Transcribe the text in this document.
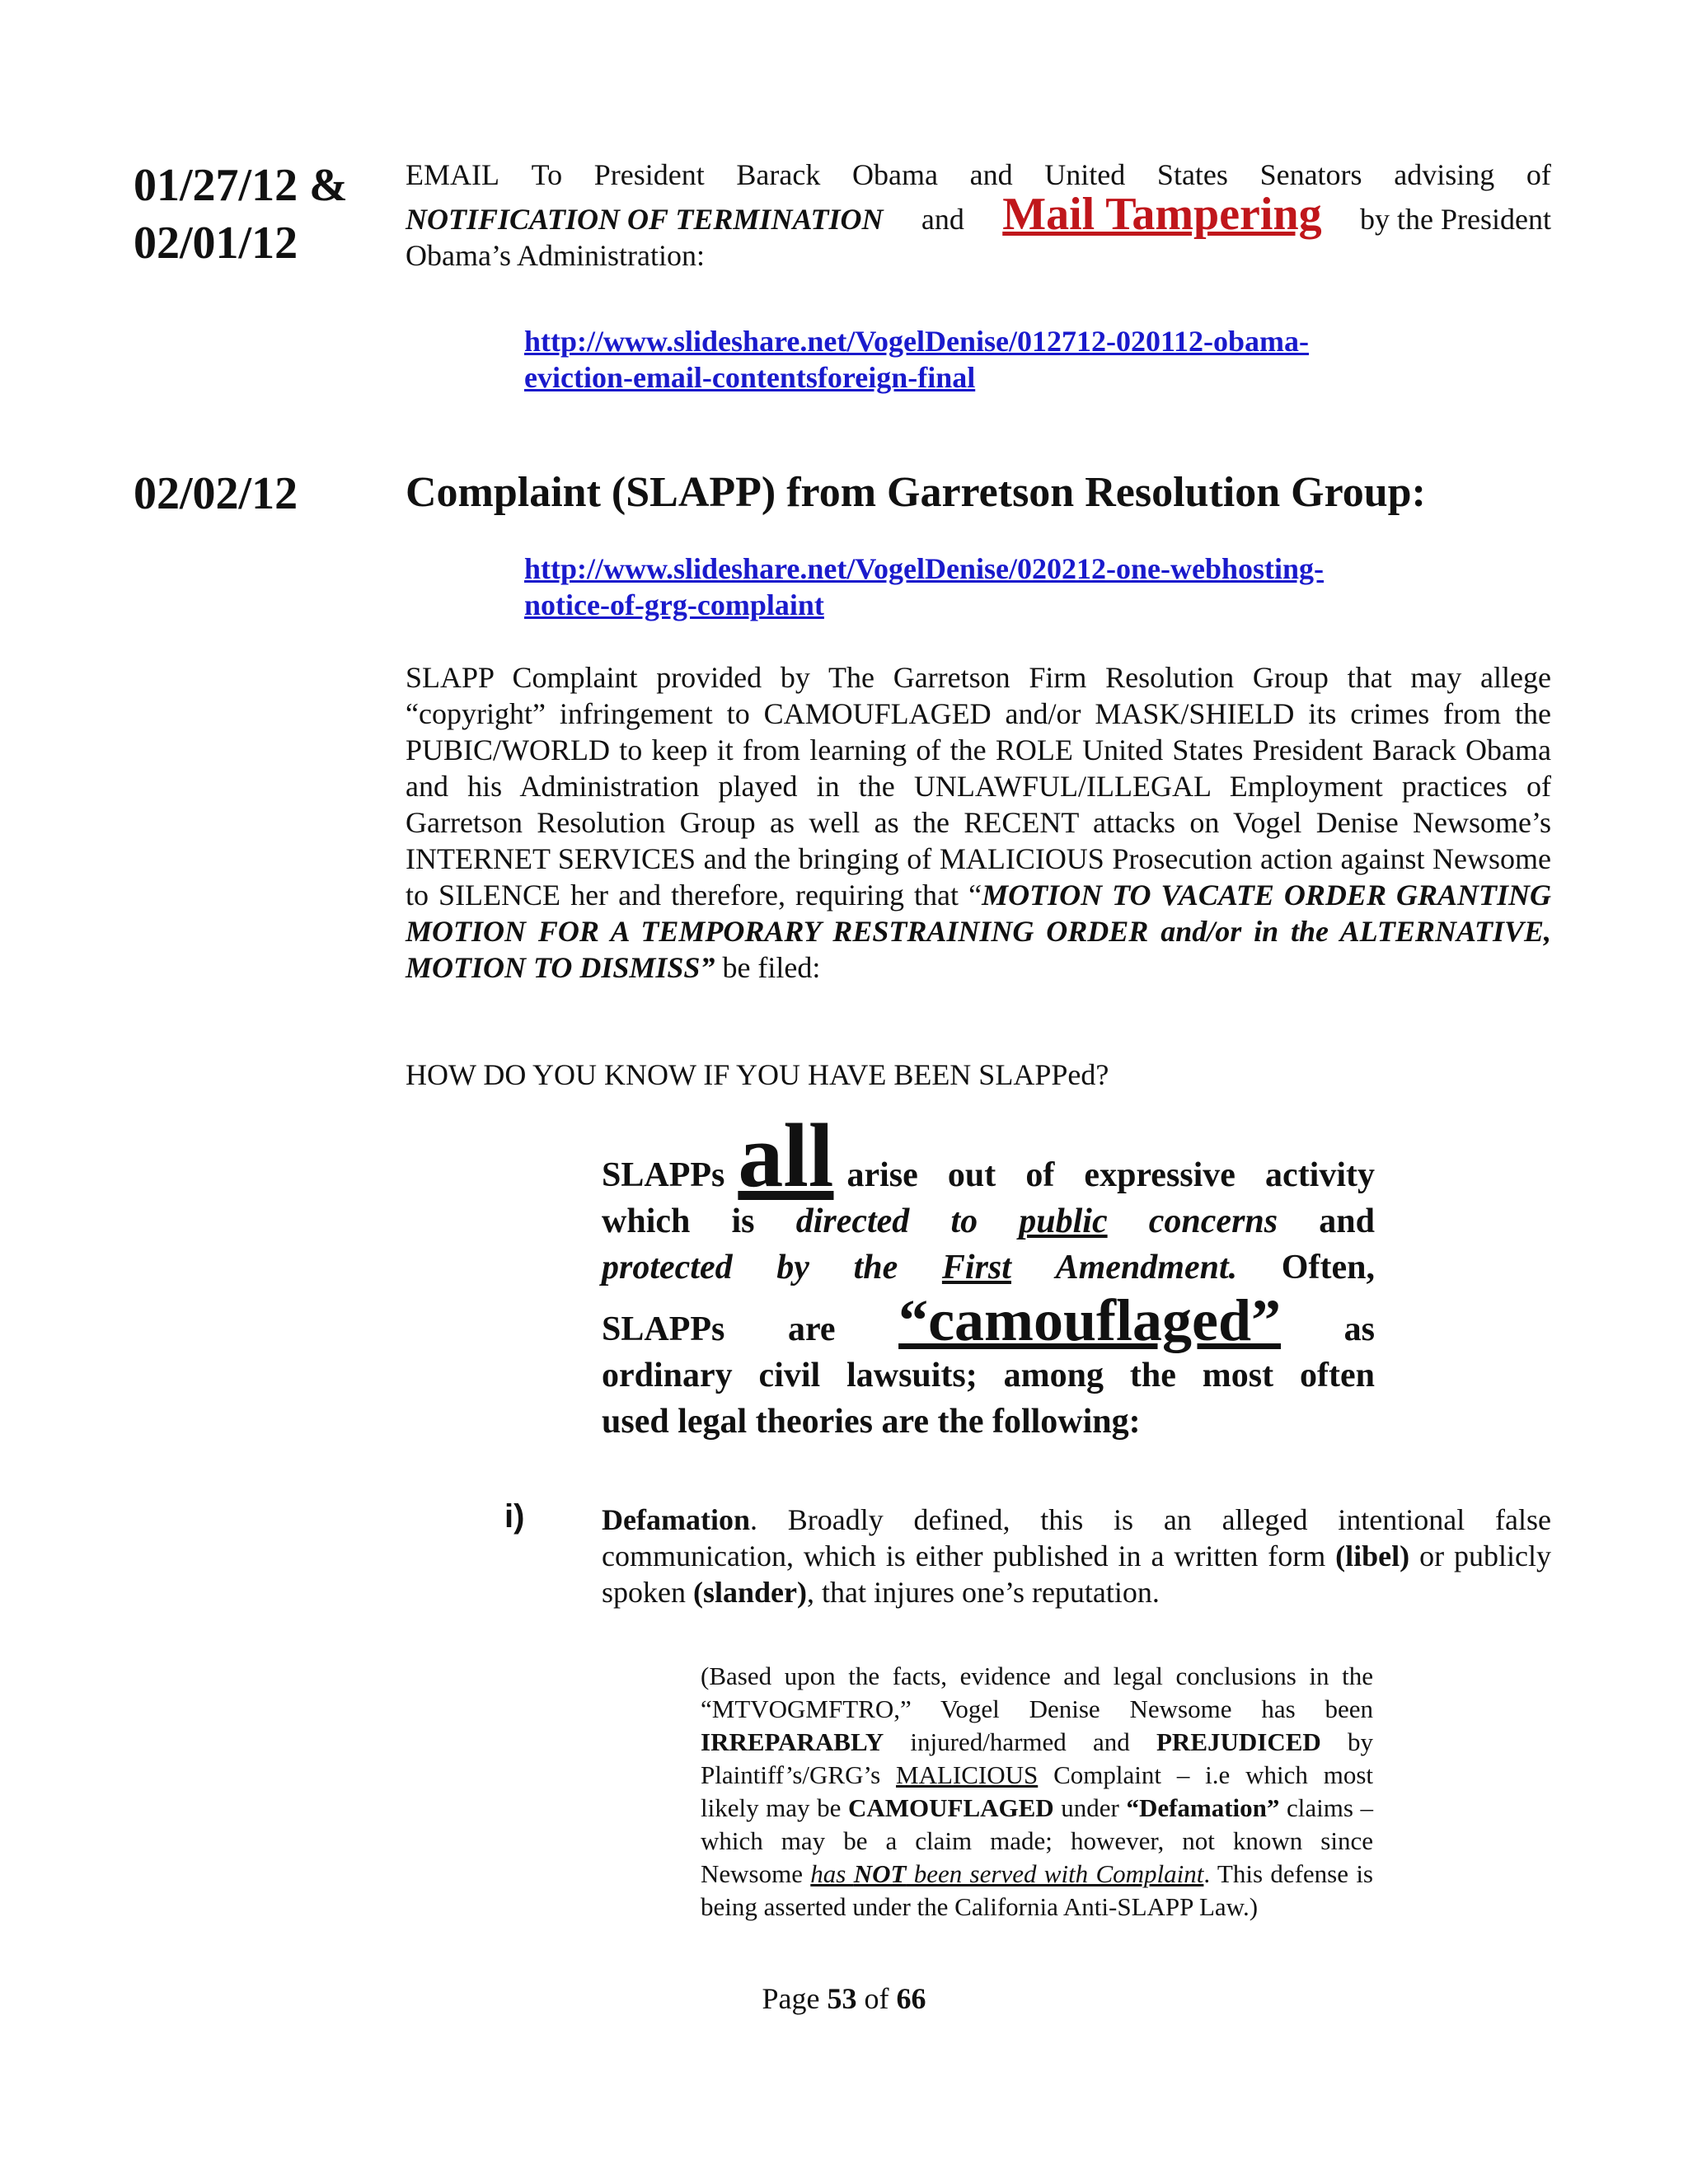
01/27/12 &
02/01/12
EMAIL To President Barack Obama and United States Senators advising of
NOTIFICATION OF TERMINATION and Mail Tampering by the President
Obama’s Administration:
http://www.slideshare.net/VogelDenise/012712-020112-obama-
eviction-email-contentsforeign-final
02/02/12	Complaint (SLAPP) from Garretson Resolution Group:
http://www.slideshare.net/VogelDenise/020212-one-webhosting-
notice-of-grg-complaint
SLAPP Complaint provided by The Garretson Firm Resolution Group that may allege “copyright” infringement to CAMOUFLAGED and/or MASK/SHIELD its crimes from the PUBIC/WORLD to keep it from learning of the ROLE United States President Barack Obama and his Administration played in the UNLAWFUL/ILLEGAL Employment practices of Garretson Resolution Group as well as the RECENT attacks on Vogel Denise Newsome’s INTERNET SERVICES and the bringing of MALICIOUS Prosecution action against Newsome to SILENCE her and therefore, requiring that “MOTION TO VACATE ORDER GRANTING MOTION FOR A TEMPORARY RESTRAINING ORDER and/or in the ALTERNATIVE, MOTION TO DISMISS” be filed:
HOW DO YOU KNOW IF YOU HAVE BEEN SLAPPed?
SLAPPs all arise out of expressive activity
which is directed to public concerns and
protected by the First Amendment. Often,
SLAPPs are “camouflaged” as
ordinary civil lawsuits; among the most often
used legal theories are the following:
i)	Defamation. Broadly defined, this is an alleged intentional false communication, which is either published in a written form (libel) or publicly spoken (slander), that injures one’s reputation.
(Based upon the facts, evidence and legal conclusions in the “MTVOGMFTRO,” Vogel Denise Newsome has been IRREPARABLY injured/harmed and PREJUDICED by Plaintiff’s/GRG’s MALICIOUS Complaint – i.e which most likely may be CAMOUFLAGED under “Defamation” claims – which may be a claim made; however, not known since Newsome has NOT been served with Complaint. This defense is being asserted under the California Anti-SLAPP Law.)
Page 53 of 66
